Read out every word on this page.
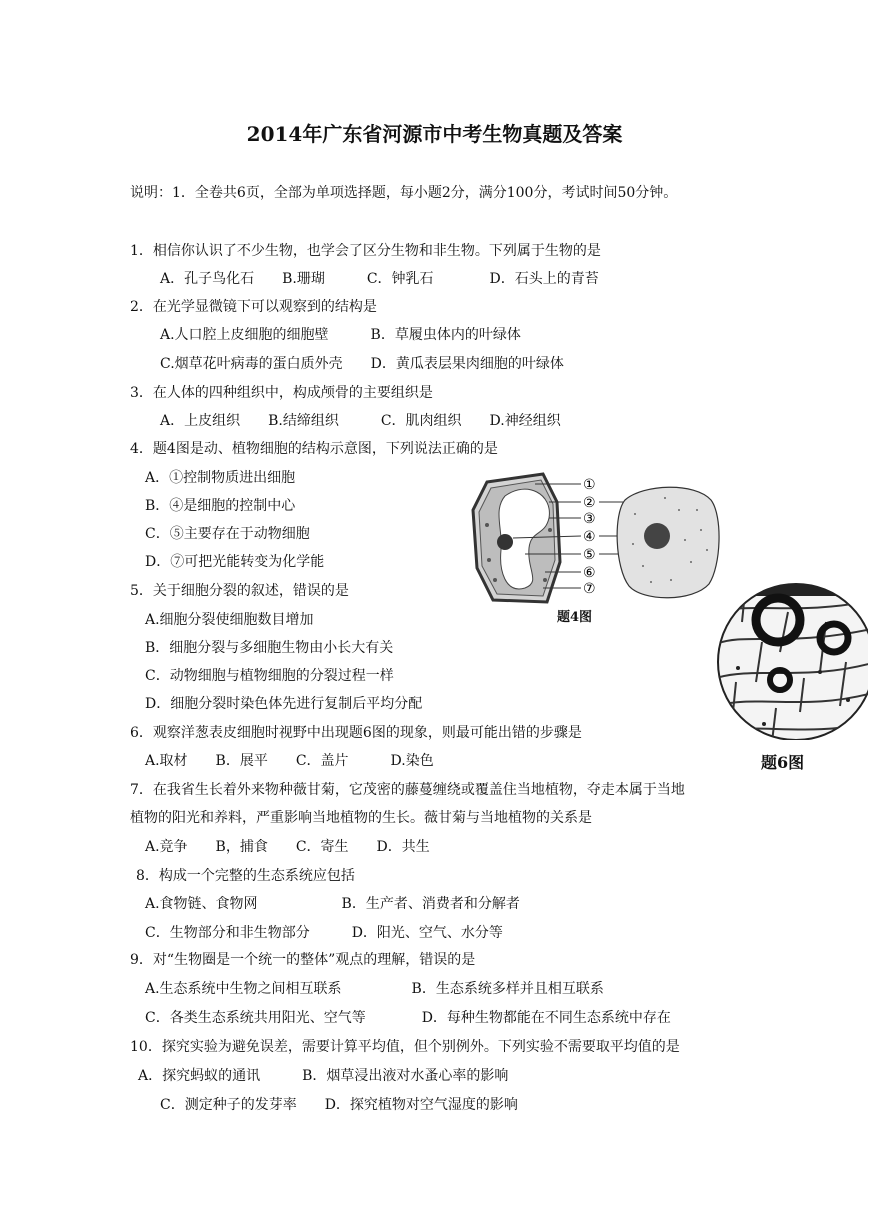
2014年广东省河源市中考生物真题及答案
说明：1．全卷共6页，全部为单项选择题，每小题2分，满分100分，考试时间50分钟。
1．相信你认识了不少生物，也学会了区分生物和非生物。下列属于生物的是
A．孔子鸟化石　　B.珊瑚　　　C．钟乳石　　　　D．石头上的青苔
2．在光学显微镜下可以观察到的结构是
A.人口腔上皮细胞的细胞壁　　　B．草履虫体内的叶绿体
C.烟草花叶病毒的蛋白质外壳　　D．黄瓜表层果肉细胞的叶绿体
3．在人体的四种组织中，构成颅骨的主要组织是
A．上皮组织　　B.结缔组织　　　C．肌肉组织　　D.神经组织
4．题4图是动、植物细胞的结构示意图，下列说法正确的是
A．①控制物质进出细胞
B．④是细胞的控制中心
C．⑤主要存在于动物细胞
D．⑦可把光能转变为化学能
5．关于细胞分裂的叙述，错误的是
A.细胞分裂使细胞数目增加
B．细胞分裂与多细胞生物由小长大有关
C．动物细胞与植物细胞的分裂过程一样
D．细胞分裂时染色体先进行复制后平均分配
6．观察洋葱表皮细胞时视野中出现题6图的现象，则最可能出错的步骤是
A.取材　　B．展平　　C．盖片　　　D.染色
7．在我省生长着外来物种薇甘菊，它茂密的藤蔓缠绕或覆盖住当地植物，夺走本属于当地
植物的阳光和养料，严重影响当地植物的生长。薇甘菊与当地植物的关系是
A.竞争　　B，捕食　　C．寄生　　D．共生
8．构成一个完整的生态系统应包括
A.食物链、食物网　　　　　　B．生产者、消费者和分解者
C．生物部分和非生物部分　　　D．阳光、空气、水分等
9．对“生物圈是一个统一的整体”观点的理解，错误的是
A.生态系统中生物之间相互联系　　　　　B．生态系统多样并且相互联系
C．各类生态系统共用阳光、空气等　　　　D．每种生物都能在不同生态系统中存在
10．探究实验为避免误差，需要计算平均值，但个别例外。下列实验不需要取平均值的是
A．探究蚂蚁的通讯　　　B．烟草浸出液对水蚤心率的影响
C．测定种子的发芽率　　D．探究植物对空气湿度的影响
①
②
③
④
⑤
⑥
⑦
题4图
题6图
